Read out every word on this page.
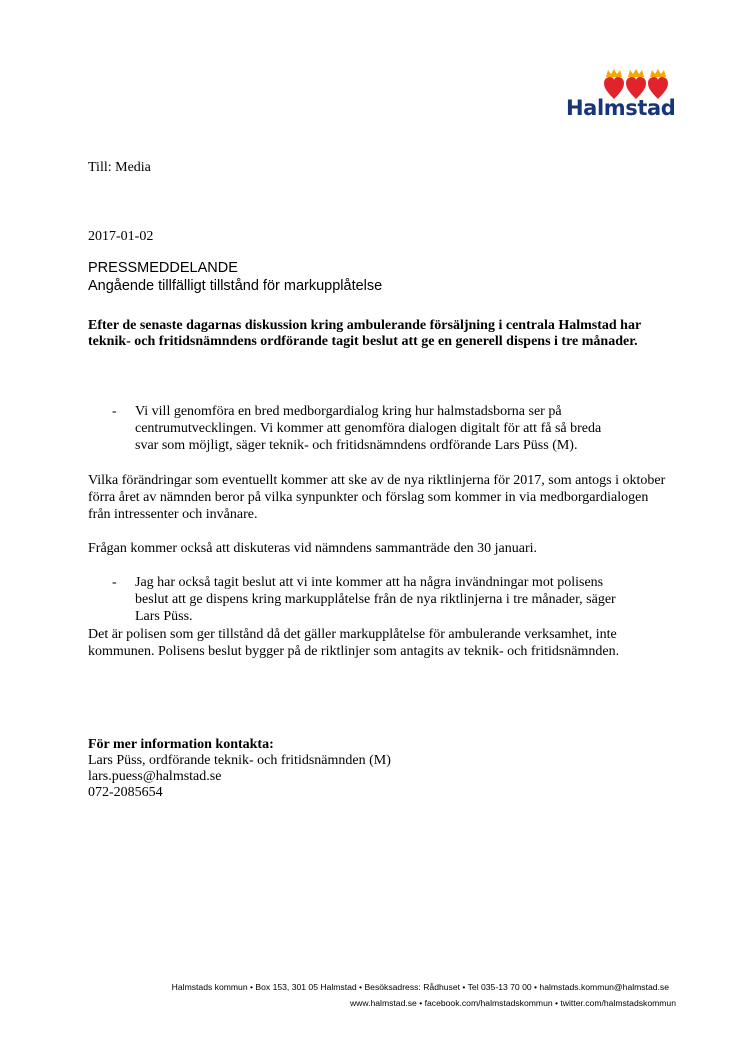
Halmstad
Till: Media
2017-01-02
PRESSMEDDELANDE
Angående tillfälligt tillstånd för markupplåtelse
Efter de senaste dagarnas diskussion kring ambulerande försäljning i centrala Halmstad har teknik- och fritidsnämndens ordförande tagit beslut att ge en generell dispens i tre månader.
- Vi vill genomföra en bred medborgardialog kring hur halmstadsborna ser på
centrumutvecklingen. Vi kommer att genomföra dialogen digitalt för att få så breda
svar som möjligt, säger teknik- och fritidsnämndens ordförande Lars Püss (M).
Vilka förändringar som eventuellt kommer att ske av de nya riktlinjerna för 2017, som antogs i oktober förra året av nämnden beror på vilka synpunkter och förslag som kommer in via medborgardialogen från intressenter och invånare.
Frågan kommer också att diskuteras vid nämndens sammanträde den 30 januari.
- Jag har också tagit beslut att vi inte kommer att ha några invändningar mot polisens
beslut att ge dispens kring markupplåtelse från de nya riktlinjerna i tre månader, säger
Lars Püss.
Det är polisen som ger tillstånd då det gäller markupplåtelse för ambulerande verksamhet, inte kommunen. Polisens beslut bygger på de riktlinjer som antagits av teknik- och fritidsnämnden.
För mer information kontakta:
Lars Püss, ordförande teknik- och fritidsnämnden (M)
lars.puess@halmstad.se
072-2085654
Halmstads kommun • Box 153, 301 05 Halmstad • Besöksadress: Rådhuset • Tel 035-13 70 00 • halmstads.kommun@halmstad.se
www.halmstad.se • facebook.com/halmstadskommun • twitter.com/halmstadskommun
